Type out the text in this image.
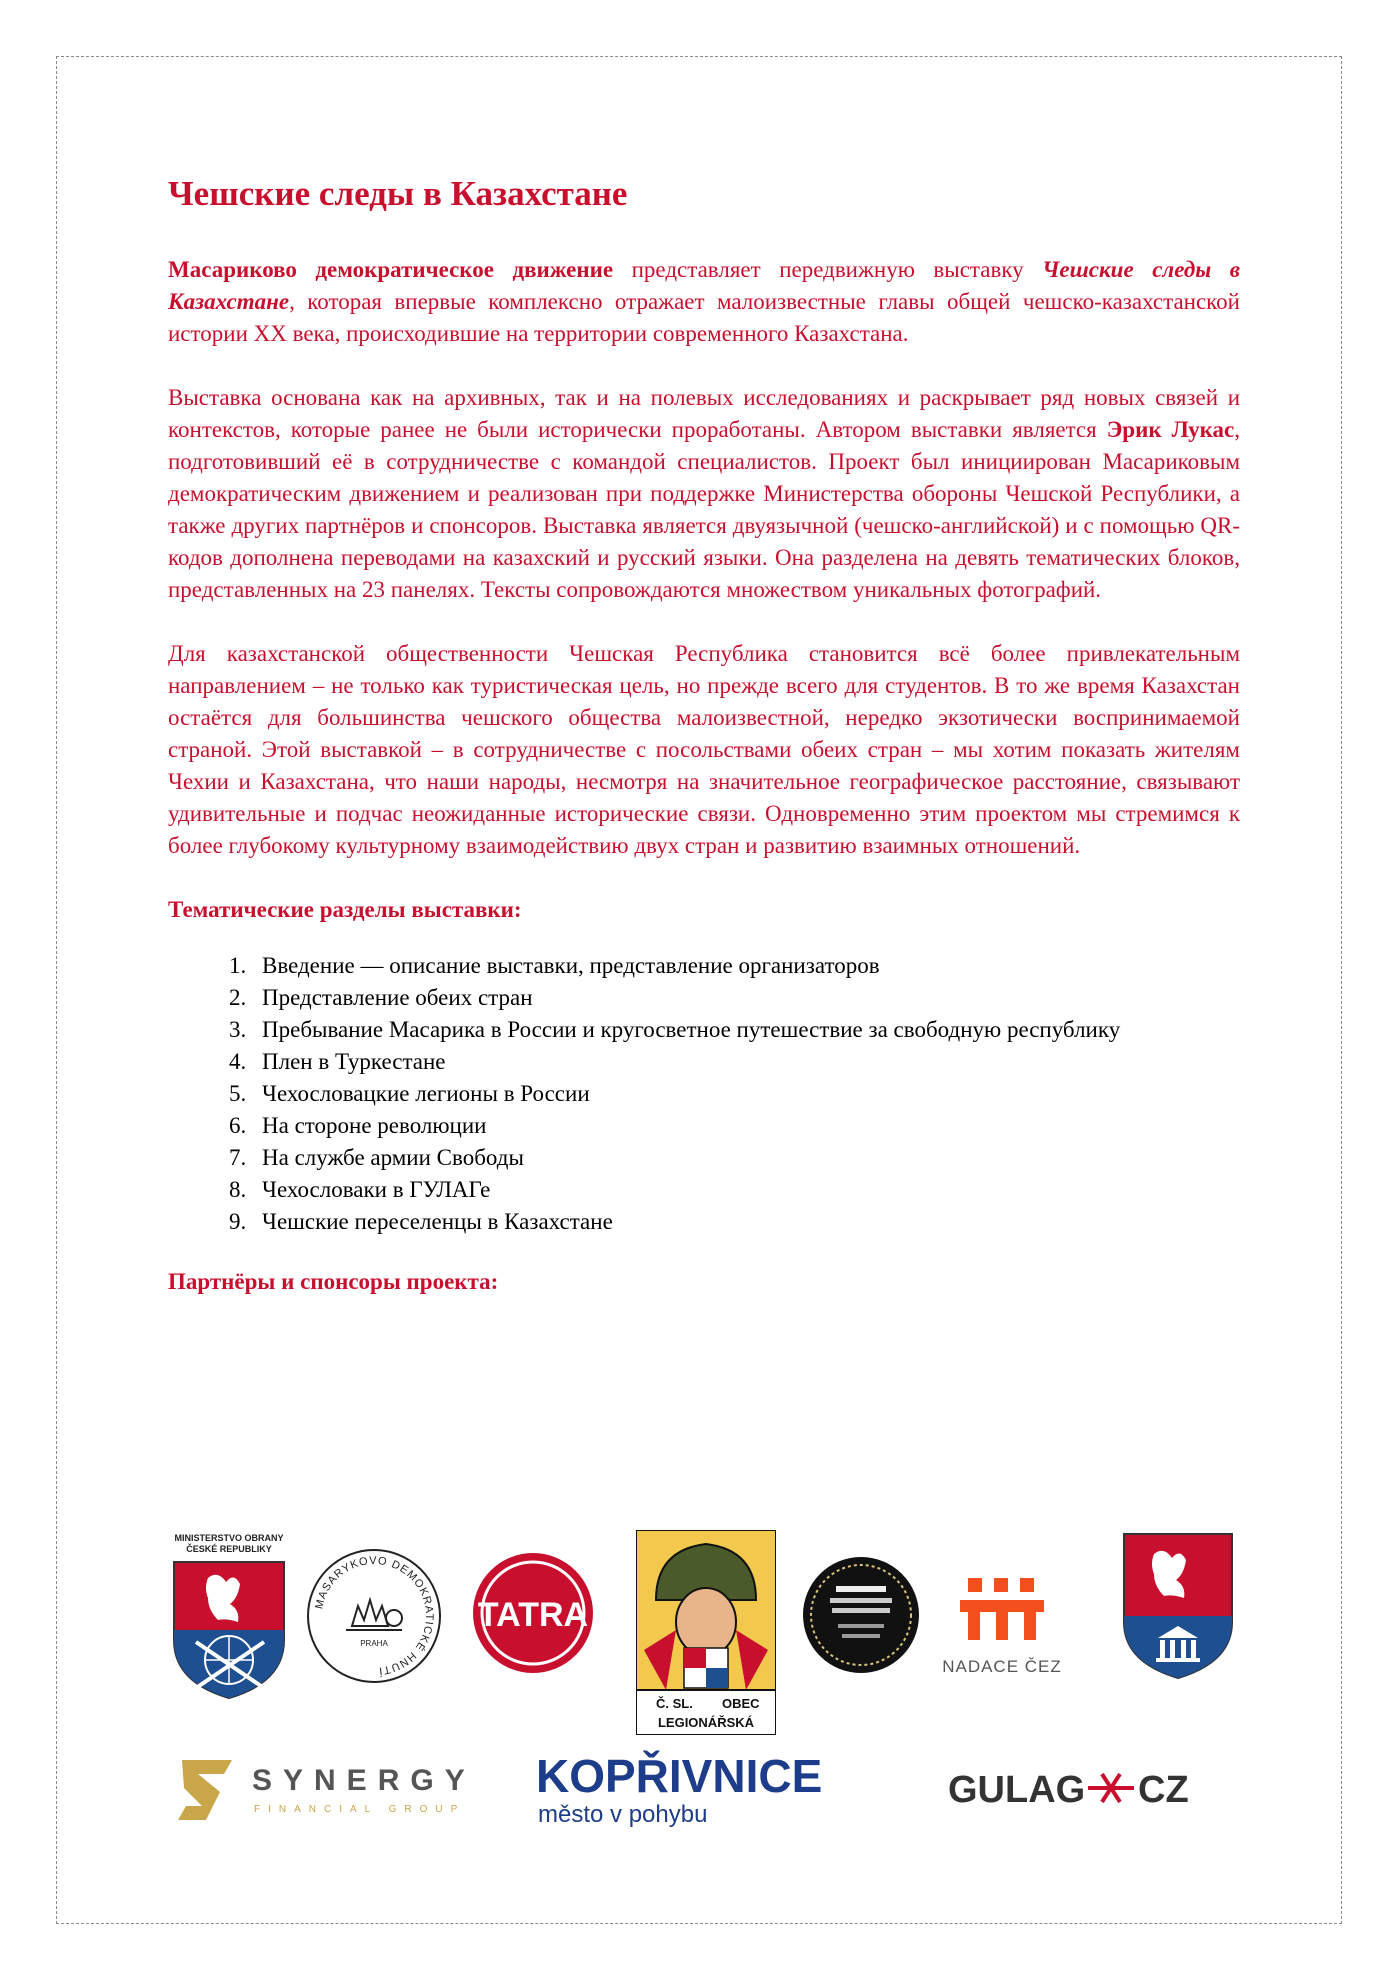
Чешские следы в Казахстане

Масариково демократическое движение представляет передвижную выставку Чешские следы в Казахстане, которая впервые комплексно отражает малоизвестные главы общей чешско-казахстанской истории XX века, происходившие на территории современного Казахстана.

Выставка основана как на архивных, так и на полевых исследованиях и раскрывает ряд новых связей и контекстов, которые ранее не были исторически проработаны. Автором выставки является Эрик Лукас, подготовивший её в сотрудничестве с командой специалистов. Проект был инициирован Масариковым демократическим движением и реализован при поддержке Министерства обороны Чешской Республики, а также других партнёров и спонсоров. Выставка является двуязычной (чешско-английской) и с помощью QR-кодов дополнена переводами на казахский и русский языки. Она разделена на девять тематических блоков, представленных на 23 панелях. Тексты сопровождаются множеством уникальных фотографий.

Для казахстанской общественности Чешская Республика становится всё более привлекательным направлением – не только как туристическая цель, но прежде всего для студентов. В то же время Казахстан остаётся для большинства чешского общества малоизвестной, нередко экзотически воспринимаемой страной. Этой выставкой – в сотрудничестве с посольствами обеих стран – мы хотим показать жителям Чехии и Казахстана, что наши народы, несмотря на значительное географическое расстояние, связывают удивительные и подчас неожиданные исторические связи. Одновременно этим проектом мы стремимся к более глубокому культурному взаимодействию двух стран и развитию взаимных отношений.

Тематические разделы выставки:
1. Введение — описание выставки, представление организаторов
2. Представление обеих стран
3. Пребывание Масарика в России и кругосветное путешествие за свободную республику
4. Плен в Туркестане
5. Чехословацкие легионы в России
6. На стороне революции
7. На службе армии Свободы
8. Чехословаки в ГУЛАГе
9. Чешские переселенцы в Казахстане
Партнёры и спонсоры проекта:
MINISTERSTVO OBRANY
ČESKÉ REPUBLIKY
MASARYKOVO DEMOKRATICKÉ HNUTÍ
PRAHA
TATRA
Č. SL. OBEC
LEGIONÁŘSKÁ
NADACE ČEZ
SYNERGY
FINANCIAL GROUP
KOPŘIVNICE
město v pohybu
GULAG CZ
